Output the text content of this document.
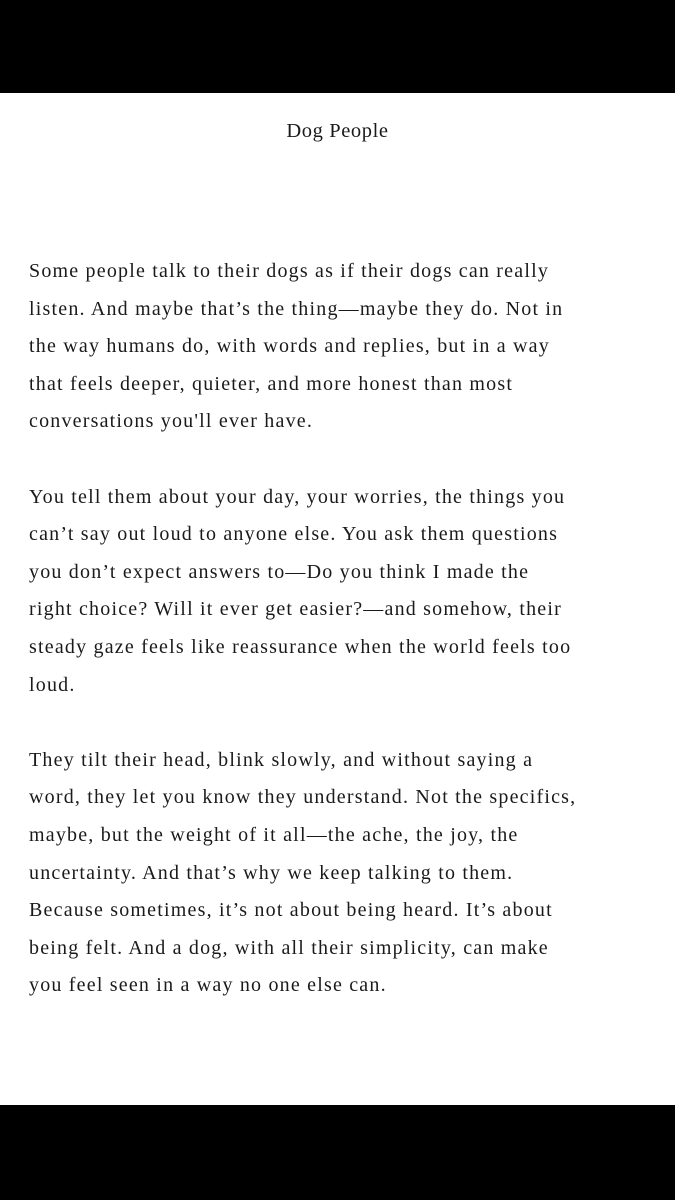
Dog People

Some people talk to their dogs as if their dogs can really
listen. And maybe that’s the thing—maybe they do. Not in
the way humans do, with words and replies, but in a way
that feels deeper, quieter, and more honest than most
conversations you'll ever have.

You tell them about your day, your worries, the things you
can’t say out loud to anyone else. You ask them questions
you don’t expect answers to—Do you think I made the
right choice? Will it ever get easier?—and somehow, their
steady gaze feels like reassurance when the world feels too
loud.

They tilt their head, blink slowly, and without saying a
word, they let you know they understand. Not the specifics,
maybe, but the weight of it all—the ache, the joy, the
uncertainty. And that’s why we keep talking to them.
Because sometimes, it’s not about being heard. It’s about
being felt. And a dog, with all their simplicity, can make
you feel seen in a way no one else can.
